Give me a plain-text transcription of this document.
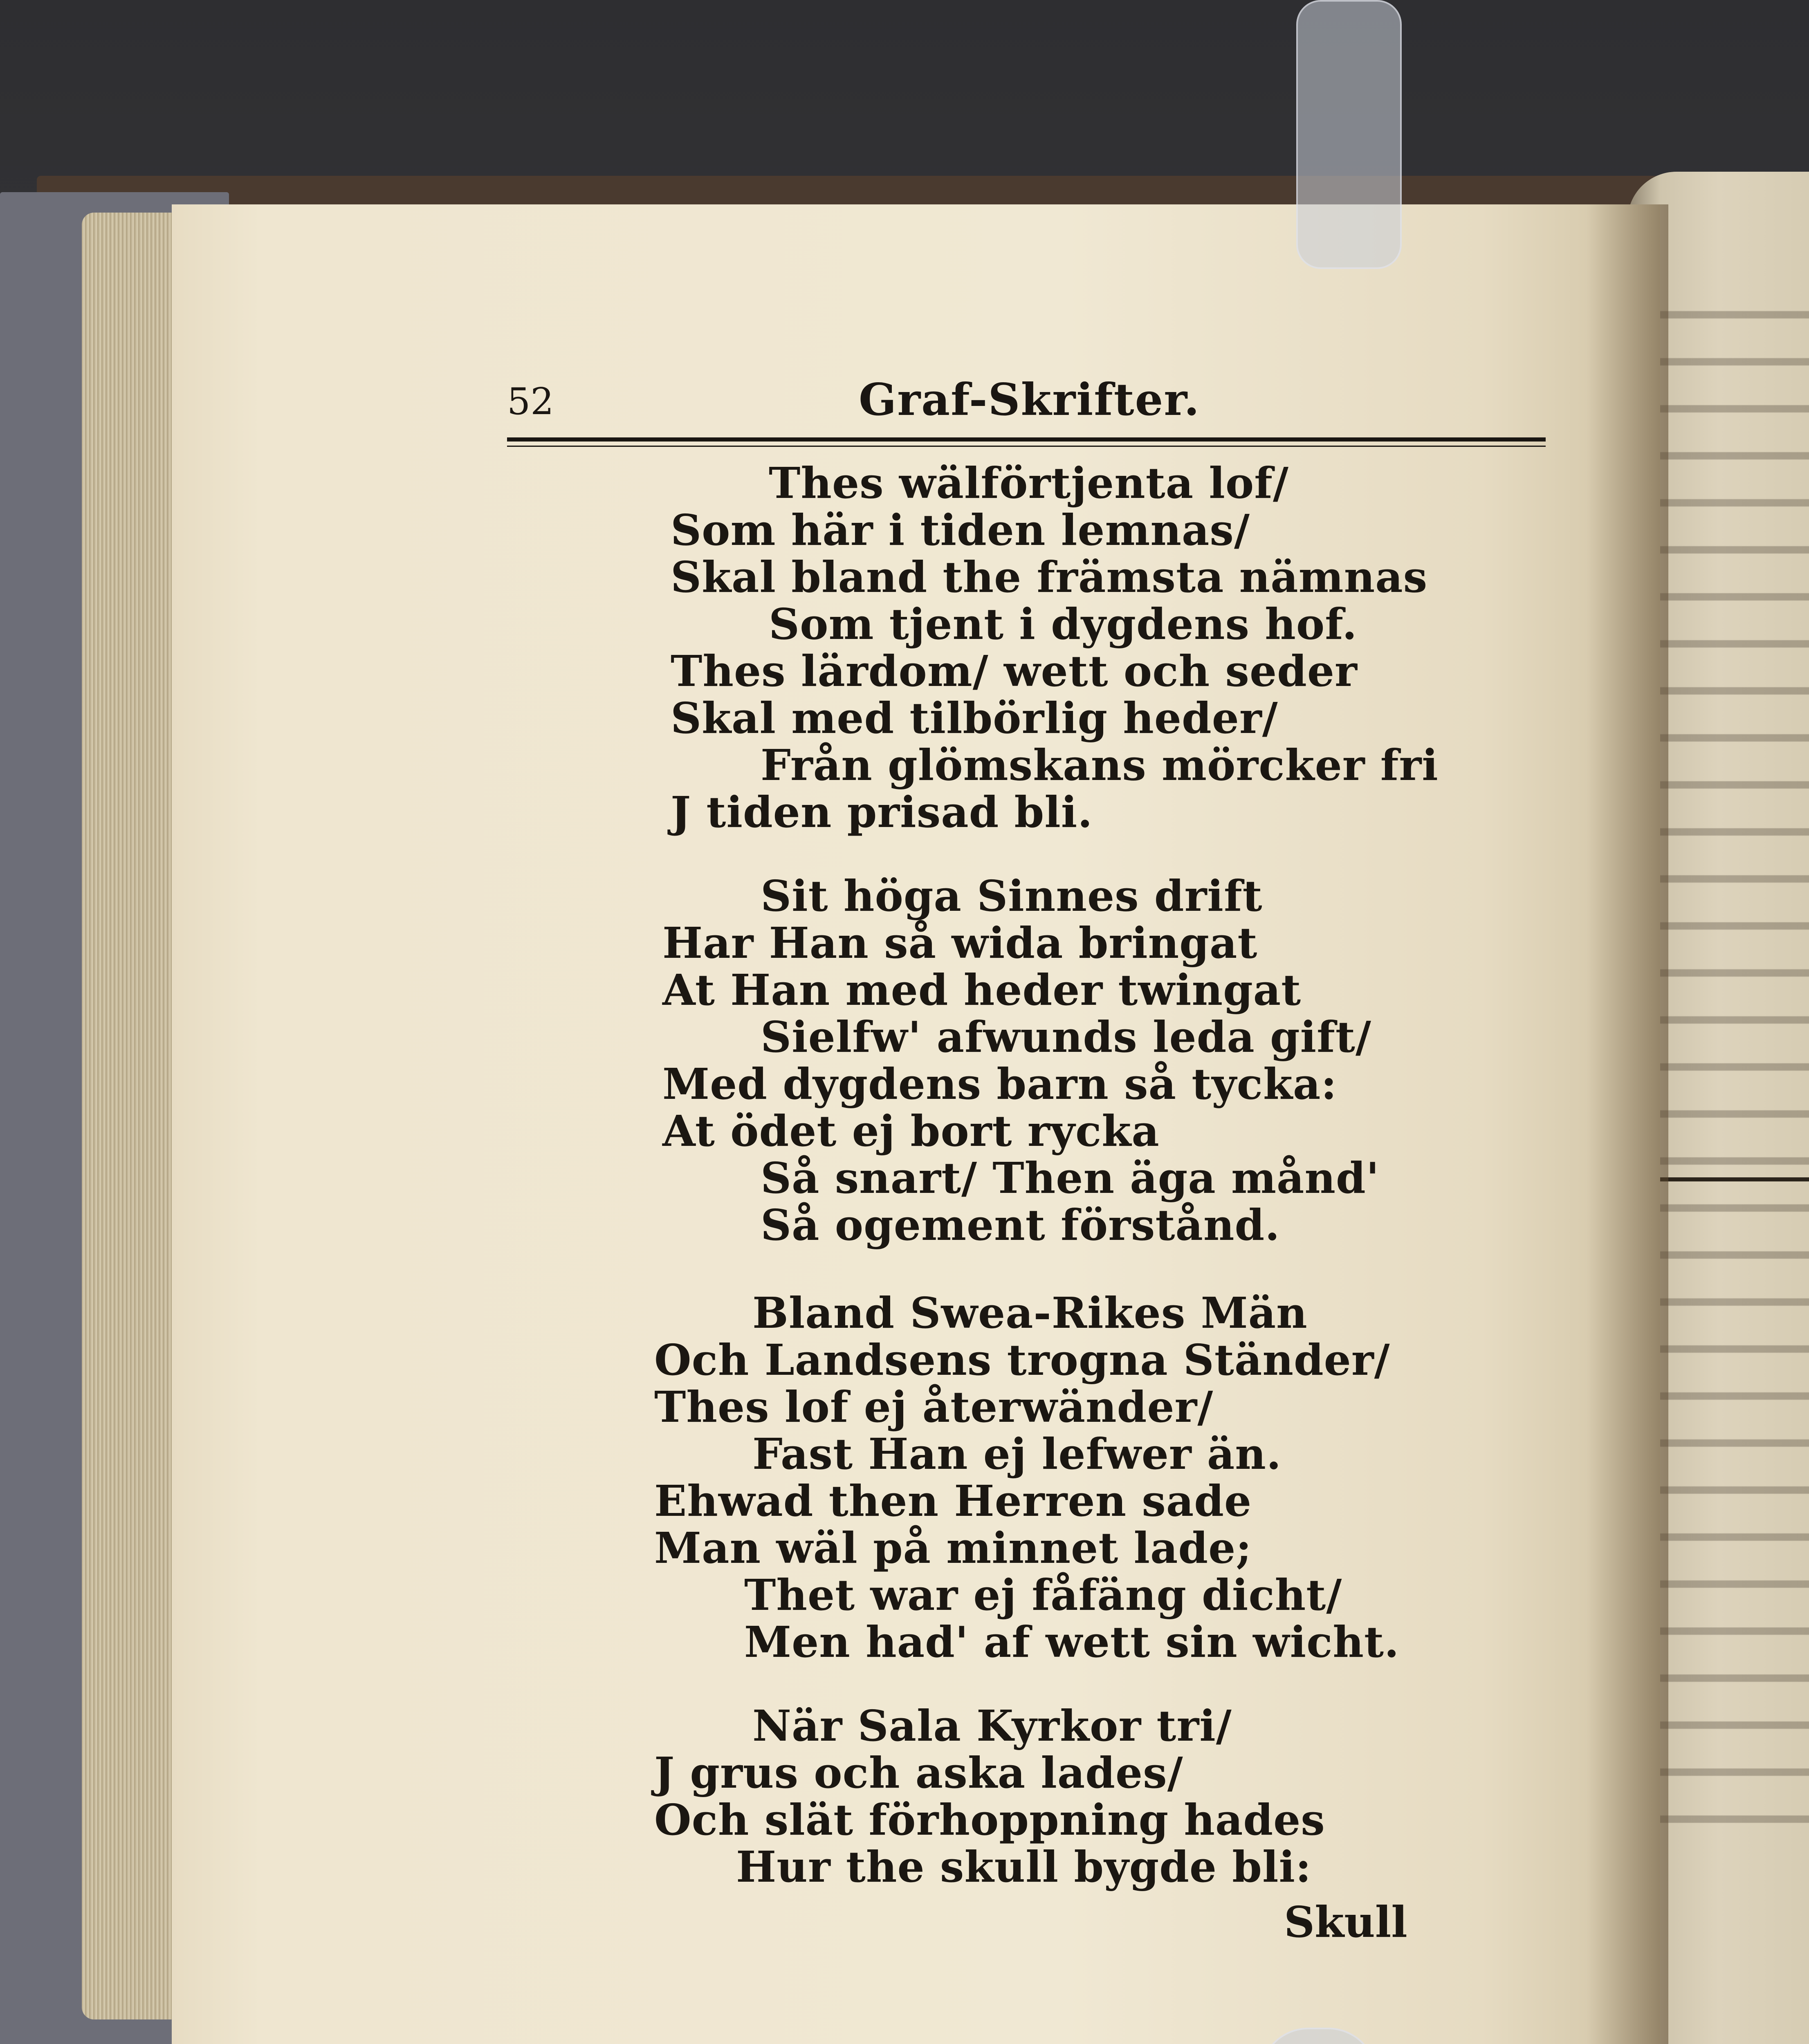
52	Graf-Skrifter.
Thes wälförtjenta lof/
Som här i tiden lemnas/
Skal bland the främsta nämnas
Som tjent i dygdens hof.
Thes lärdom/ wett och seder
Skal med tilbörlig heder/
Från glömskans mörcker fri
J tiden prisad bli.
Sit höga Sinnes drift
Har Han så wida bringat
At Han med heder twingat
Sielfw' afwunds leda gift/
Med dygdens barn så tycka:
At ödet ej bort rycka
Så snart/ Then äga månd'
Så ogement förstånd.
Bland Swea-Rikes Män
Och Landsens trogna Ständer/
Thes lof ej återwänder/
Fast Han ej lefwer än.
Ehwad then Herren sade
Man wäl på minnet lade;
Thet war ej fåfäng dicht/
Men had' af wett sin wicht.
När Sala Kyrkor tri/
J grus och aska lades/
Och slät förhoppning hades
Hur the skull bygde bli:
Skull
